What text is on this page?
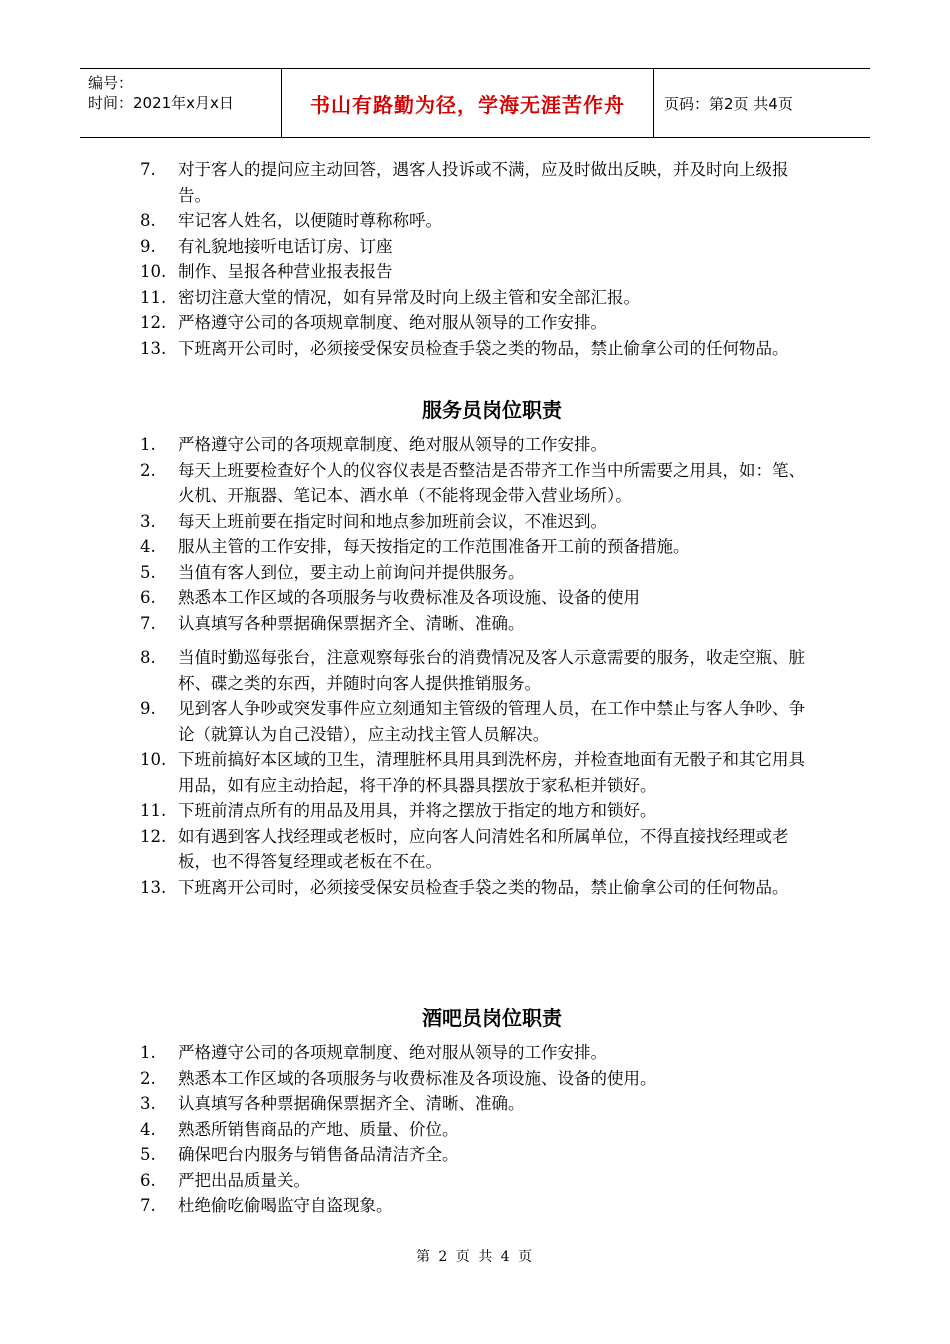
编号：
时间：2021年x月x日	书山有路勤为径，学海无涯苦作舟	页码：第2页 共4页
7. 对于客人的提问应主动回答，遇客人投诉或不满，应及时做出反映，并及时向上级报告。
8. 牢记客人姓名，以便随时尊称称呼。
9. 有礼貌地接听电话订房、订座
10. 制作、呈报各种营业报表报告
11. 密切注意大堂的情况，如有异常及时向上级主管和安全部汇报。
12. 严格遵守公司的各项规章制度、绝对服从领导的工作安排。
13. 下班离开公司时，必须接受保安员检查手袋之类的物品，禁止偷拿公司的任何物品。
服务员岗位职责
1. 严格遵守公司的各项规章制度、绝对服从领导的工作安排。
2. 每天上班要检查好个人的仪容仪表是否整洁是否带齐工作当中所需要之用具，如：笔、火机、开瓶器、笔记本、酒水单（不能将现金带入营业场所）。
3. 每天上班前要在指定时间和地点参加班前会议，不准迟到。
4. 服从主管的工作安排，每天按指定的工作范围准备开工前的预备措施。
5. 当值有客人到位，要主动上前询问并提供服务。
6. 熟悉本工作区域的各项服务与收费标准及各项设施、设备的使用
7. 认真填写各种票据确保票据齐全、清晰、准确。
8. 当值时勤巡每张台，注意观察每张台的消费情况及客人示意需要的服务，收走空瓶、脏杯、碟之类的东西，并随时向客人提供推销服务。
9. 见到客人争吵或突发事件应立刻通知主管级的管理人员，在工作中禁止与客人争吵、争论（就算认为自己没错），应主动找主管人员解决。
10. 下班前搞好本区域的卫生，清理脏杯具用具到洗杯房，并检查地面有无骰子和其它用具用品，如有应主动拾起，将干净的杯具器具摆放于家私柜并锁好。
11. 下班前清点所有的用品及用具，并将之摆放于指定的地方和锁好。
12. 如有遇到客人找经理或老板时，应向客人问清姓名和所属单位，不得直接找经理或老板，也不得答复经理或老板在不在。
13. 下班离开公司时，必须接受保安员检查手袋之类的物品，禁止偷拿公司的任何物品。
酒吧员岗位职责
1. 严格遵守公司的各项规章制度、绝对服从领导的工作安排。
2. 熟悉本工作区域的各项服务与收费标准及各项设施、设备的使用。
3. 认真填写各种票据确保票据齐全、清晰、准确。
4. 熟悉所销售商品的产地、质量、价位。
5. 确保吧台内服务与销售备品清洁齐全。
6. 严把出品质量关。
7. 杜绝偷吃偷喝监守自盗现象。
第 2 页 共 4 页
